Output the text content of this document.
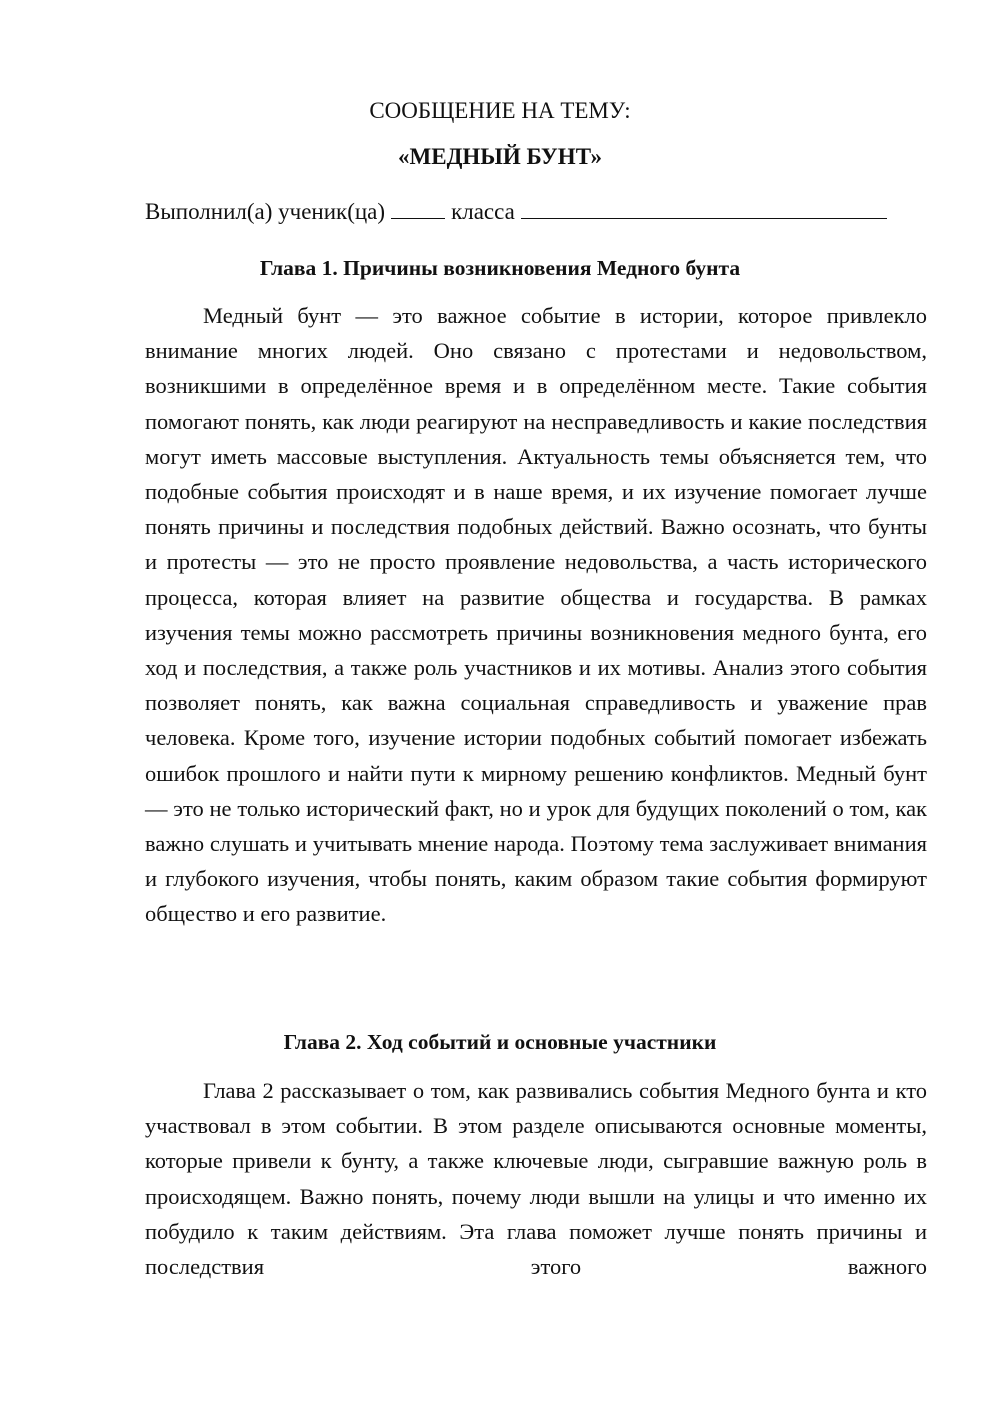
СООБЩЕНИЕ НА ТЕМУ:
«МЕДНЫЙ БУНТ»
Выполнил(а) ученик(ца)	класса
Глава 1. Причины возникновения Медного бунта

Медный бунт — это важное событие в истории, которое привлекло внимание многих людей. Оно связано с протестами и недовольством, возникшими в определённое время и в определённом месте. Такие события помогают понять, как люди реагируют на несправедливость и какие последствия могут иметь массовые выступления. Актуальность темы объясняется тем, что подобные события происходят и в наше время, и их изучение помогает лучше понять причины и последствия подобных действий. Важно осознать, что бунты и протесты — это не просто проявление недовольства, а часть исторического процесса, которая влияет на развитие общества и государства. В рамках изучения темы можно рассмотреть причины возникновения медного бунта, его ход и последствия, а также роль участников и их мотивы. Анализ этого события позволяет понять, как важна социальная справедливость и уважение прав человека. Кроме того, изучение истории подобных событий помогает избежать ошибок прошлого и найти пути к мирному решению конфликтов. Медный бунт — это не только исторический факт, но и урок для будущих поколений о том, как важно слушать и учитывать мнение народа. Поэтому тема заслуживает внимания и глубокого изучения, чтобы понять, каким образом такие события формируют общество и его развитие.

Глава 2. Ход событий и основные участники

Глава 2 рассказывает о том, как развивались события Медного бунта и кто участвовал в этом событии. В этом разделе описываются основные моменты, которые привели к бунту, а также ключевые люди, сыгравшие важную роль в происходящем. Важно понять, почему люди вышли на улицы и что именно их побудило к таким действиям. Эта глава поможет лучше понять причины и последствия этого важного
